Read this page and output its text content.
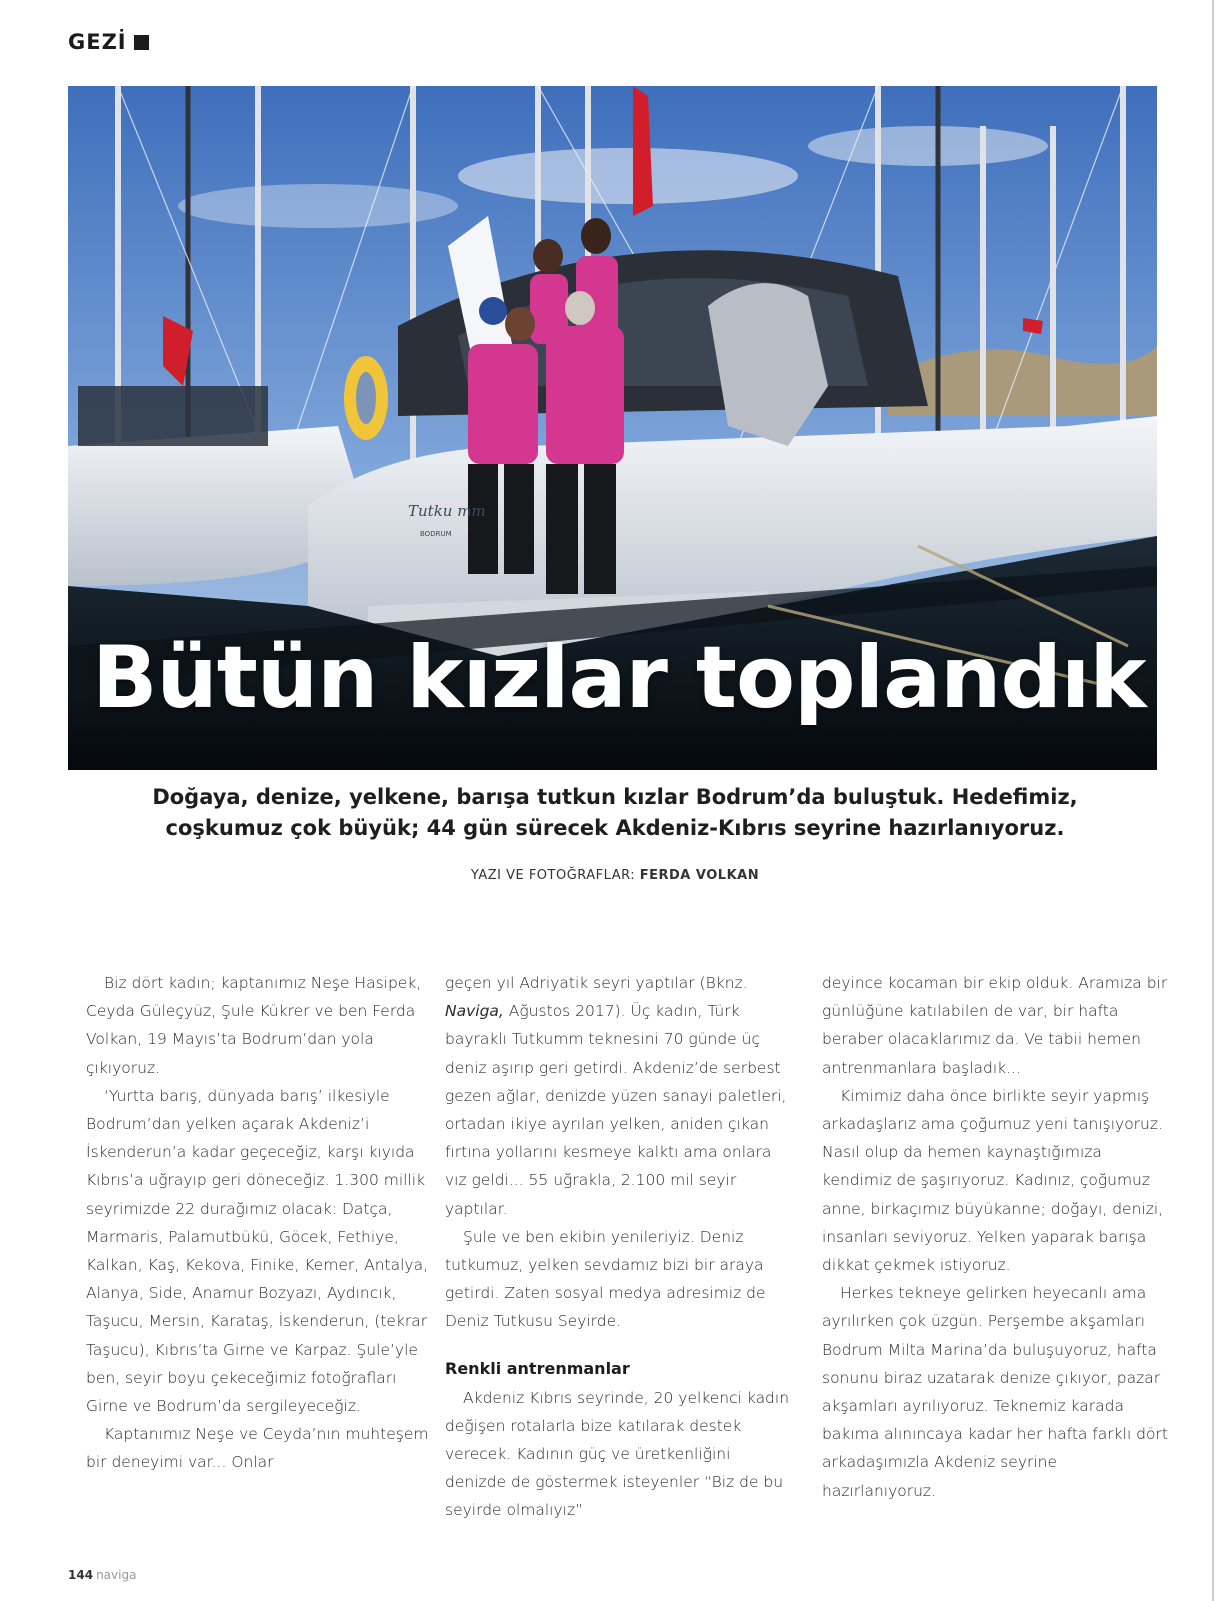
GEZİ
Tutku mm
BODRUM
Bütün kızlar toplandık

Doğaya, denize, yelkene, barışa tutkun kızlar Bodrum’da buluştuk. Hedefimiz, coşkumuz çok büyük; 44 gün sürecek Akdeniz-Kıbrıs seyrine hazırlanıyoruz.

YAZI VE FOTOĞRAFLAR: FERDA VOLKAN

Biz dört kadın; kaptanımız Neşe Hasipek, Ceyda Güleçyüz, Şule Kükrer ve ben Ferda Volkan, 19 Mayıs’ta Bodrum’dan yola çıkıyoruz.

‘Yurtta barış, dünyada barış’ ilkesiyle Bodrum’dan yelken açarak Akdeniz’i İskenderun’a kadar geçeceğiz, karşı kıyıda Kıbrıs’a uğrayıp geri döneceğiz. 1.300 millik seyrimizde 22 durağımız olacak: Datça, Marmaris, Palamutbükü, Göcek, Fethiye, Kalkan, Kaş, Kekova, Finike, Kemer, Antalya, Alanya, Side, Anamur Bozyazı, Aydıncık, Taşucu, Mersin, Karataş, İskenderun, (tekrar Taşucu), Kıbrıs’ta Girne ve Karpaz. Şule’yle ben, seyir boyu çekeceğimiz fotoğrafları Girne ve Bodrum’da sergileyeceğiz.

Kaptanımız Neşe ve Ceyda’nın muhteşem bir deneyimi var... Onlar

geçen yıl Adriyatik seyri yaptılar (Bknz. Naviga, Ağustos 2017). Üç kadın, Türk bayraklı Tutkumm teknesini 70 günde üç deniz aşırıp geri getirdi. Akdeniz’de serbest gezen ağlar, denizde yüzen sanayi paletleri, ortadan ikiye ayrılan yelken, aniden çıkan fırtına yollarını kesmeye kalktı ama onlara vız geldi... 55 uğrakla, 2.100 mil seyir yaptılar.

Şule ve ben ekibin yenileriyiz. Deniz tutkumuz, yelken sevdamız bizi bir araya getirdi. Zaten sosyal medya adresimiz de Deniz Tutkusu Seyirde.

Renkli antrenmanlar

Akdeniz Kıbrıs seyrinde, 20 yelkenci kadın değişen rotalarla bize katılarak destek verecek. Kadının güç ve üretkenliğini denizde de göstermek isteyenler “Biz de bu seyirde olmalıyız”

deyince kocaman bir ekip olduk. Aramıza bir günlüğüne katılabilen de var, bir hafta beraber olacaklarımız da. Ve tabii hemen antrenmanlara başladık...

Kimimiz daha önce birlikte seyir yapmış arkadaşlarız ama çoğumuz yeni tanışıyoruz. Nasıl olup da hemen kaynaştığımıza kendimiz de şaşırıyoruz. Kadınız, çoğumuz anne, birkaçımız büyükanne; doğayı, denizi, insanları seviyoruz. Yelken yaparak barışa dikkat çekmek istiyoruz.

Herkes tekneye gelirken heyecanlı ama ayrılırken çok üzgün. Perşembe akşamları Bodrum Milta Marina’da buluşuyoruz, hafta sonunu biraz uzatarak denize çıkıyor, pazar akşamları ayrılıyoruz. Teknemiz karada bakıma alınıncaya kadar her hafta farklı dört arkadaşımızla Akdeniz seyrine hazırlanıyoruz.

144 naviga
